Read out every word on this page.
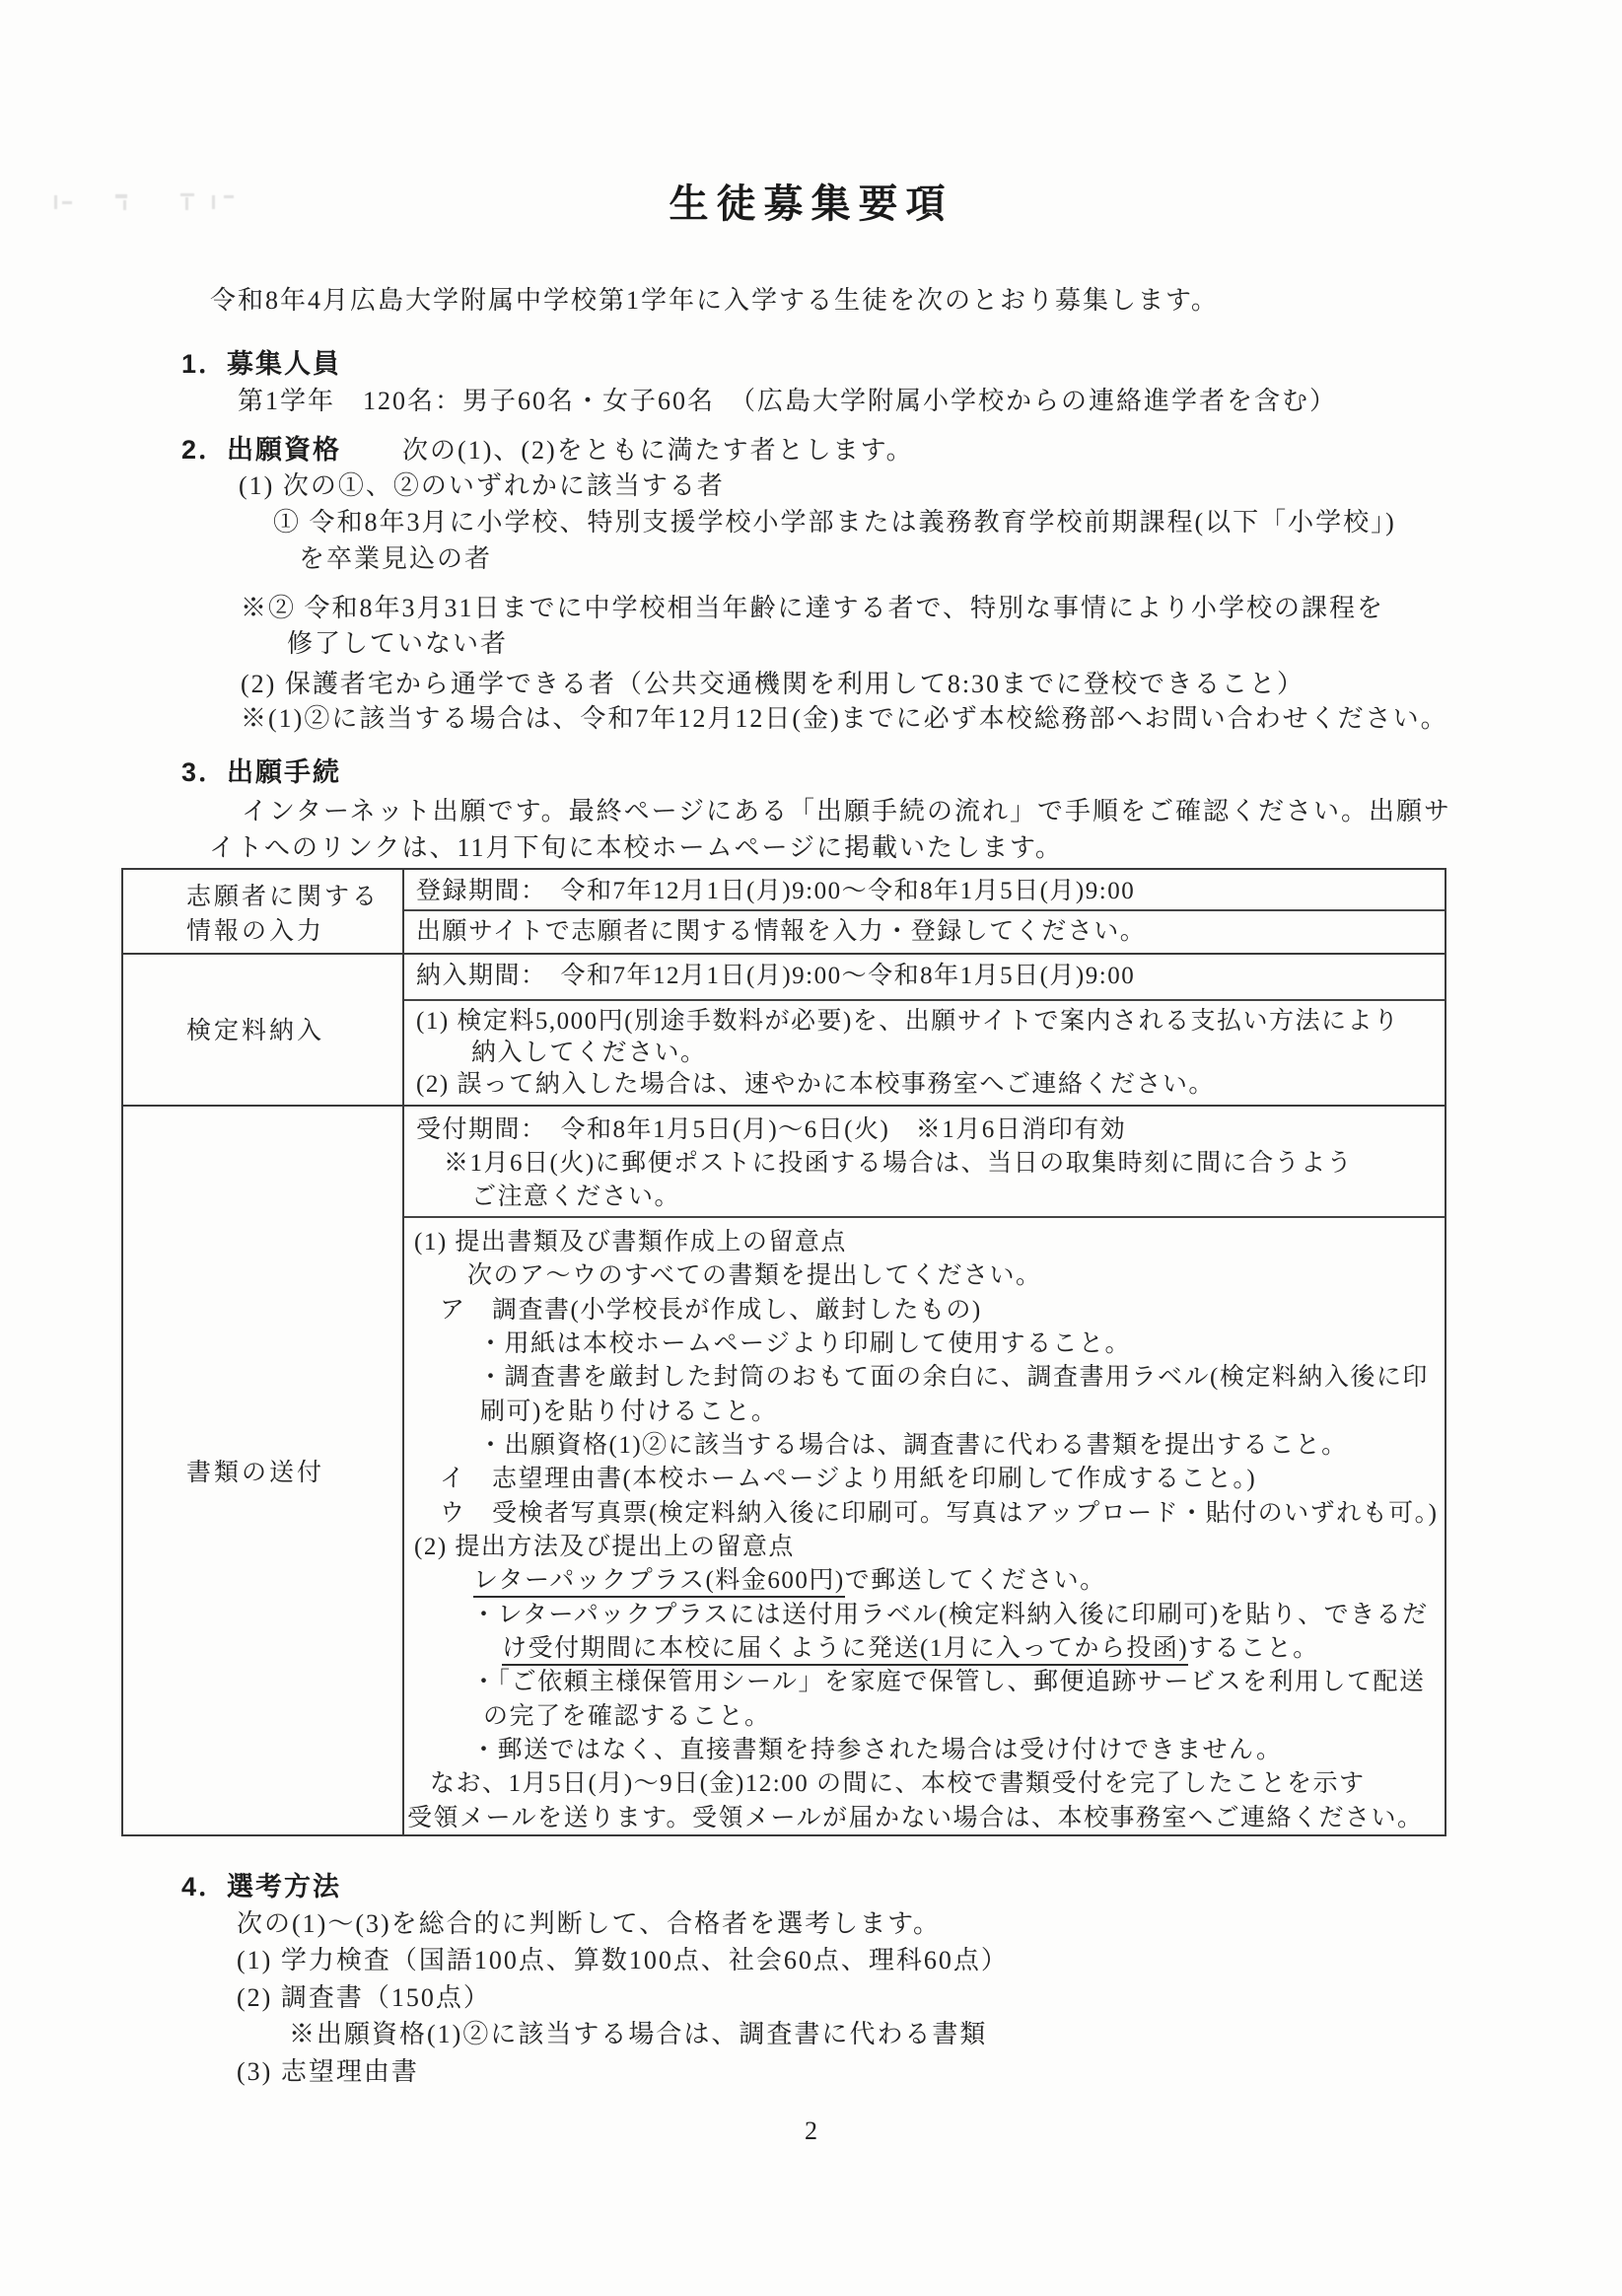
生徒募集要項
令和8年4月広島大学附属中学校第1学年に入学する生徒を次のとおり募集します。
1．募集人員
第1学年　120名：男子60名・女子60名　（広島大学附属小学校からの連絡進学者を含む）
2．出願資格 次の(1)、(2)をともに満たす者とします。
(1) 次の①、②のいずれかに該当する者
① 令和8年3月に小学校、特別支援学校小学部または義務教育学校前期課程(以下「小学校」)
を卒業見込の者
※② 令和8年3月31日までに中学校相当年齢に達する者で、特別な事情により小学校の課程を
修了していない者
(2) 保護者宅から通学できる者（公共交通機関を利用して8:30までに登校できること）
※(1)②に該当する場合は、令和7年12月12日(金)までに必ず本校総務部へお問い合わせください。
3．出願手続
インターネット出願です。最終ページにある「出願手続の流れ」で手順をご確認ください。出願サ
イトへのリンクは、11月下旬に本校ホームページに掲載いたします。
志願者に関する
情報の入力
検定料納入
書類の送付
登録期間：　令和7年12月1日(月)9:00～令和8年1月5日(月)9:00
出願サイトで志願者に関する情報を入力・登録してください。
納入期間：　令和7年12月1日(月)9:00～令和8年1月5日(月)9:00
(1) 検定料5,000円(別途手数料が必要)を、出願サイトで案内される支払い方法により
納入してください。
(2) 誤って納入した場合は、速やかに本校事務室へご連絡ください。
受付期間：　令和8年1月5日(月)～6日(火)　※1月6日消印有効
※1月6日(火)に郵便ポストに投函する場合は、当日の取集時刻に間に合うよう
ご注意ください。
(1) 提出書類及び書類作成上の留意点
次のア～ウのすべての書類を提出してください。
ア　調査書(小学校長が作成し、厳封したもの)
・用紙は本校ホームページより印刷して使用すること。
・調査書を厳封した封筒のおもて面の余白に、調査書用ラベル(検定料納入後に印
刷可)を貼り付けること。
・出願資格(1)②に該当する場合は、調査書に代わる書類を提出すること。
イ　志望理由書(本校ホームページより用紙を印刷して作成すること。)
ウ　受検者写真票(検定料納入後に印刷可。写真はアップロード・貼付のいずれも可。)
(2) 提出方法及び提出上の留意点
レターパックプラス(料金600円)で郵送してください。
・レターパックプラスには送付用ラベル(検定料納入後に印刷可)を貼り、できるだ
け受付期間に本校に届くように発送(1月に入ってから投函)すること。
・「ご依頼主様保管用シール」を家庭で保管し、郵便追跡サービスを利用して配送
の完了を確認すること。
・郵送ではなく、直接書類を持参された場合は受け付けできません。
なお、1月5日(月)～9日(金)12:00 の間に、本校で書類受付を完了したことを示す
受領メールを送ります。受領メールが届かない場合は、本校事務室へご連絡ください。
4．選考方法
次の(1)～(3)を総合的に判断して、合格者を選考します。
(1) 学力検査（国語100点、算数100点、社会60点、理科60点）
(2) 調査書（150点）
※出願資格(1)②に該当する場合は、調査書に代わる書類
(3) 志望理由書
2
